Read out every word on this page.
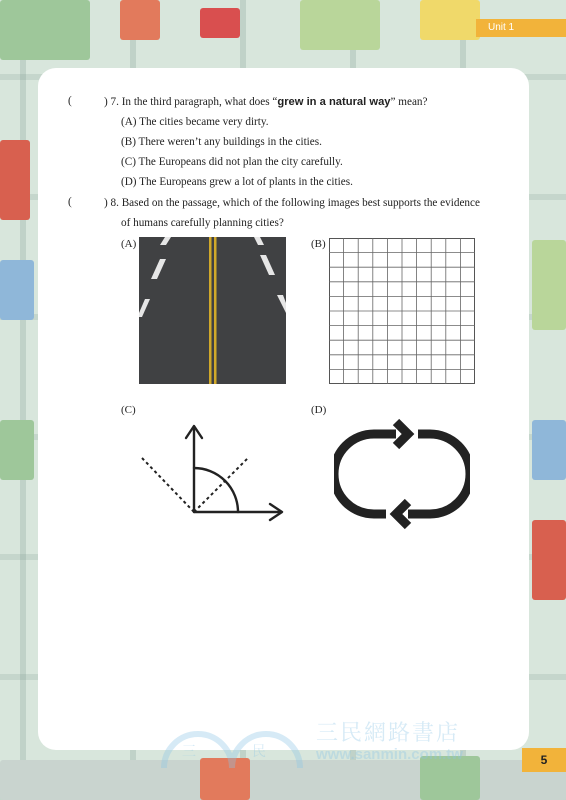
Unit 1
(	) 7. In the third paragraph, what does “grew in a natural way” mean?
(A) The cities became very dirty.
(B) There weren’t any buildings in the cities.
(C) The Europeans did not plan the city carefully.
(D) The Europeans grew a lot of plants in the cities.
(	) 8. Based on the passage, which of the following images best supports the evidence
of humans carefully planning cities?
(A)	(B)
(C)	(D)
三	民
三民網路書店
www.sanmin.com.tw	5
